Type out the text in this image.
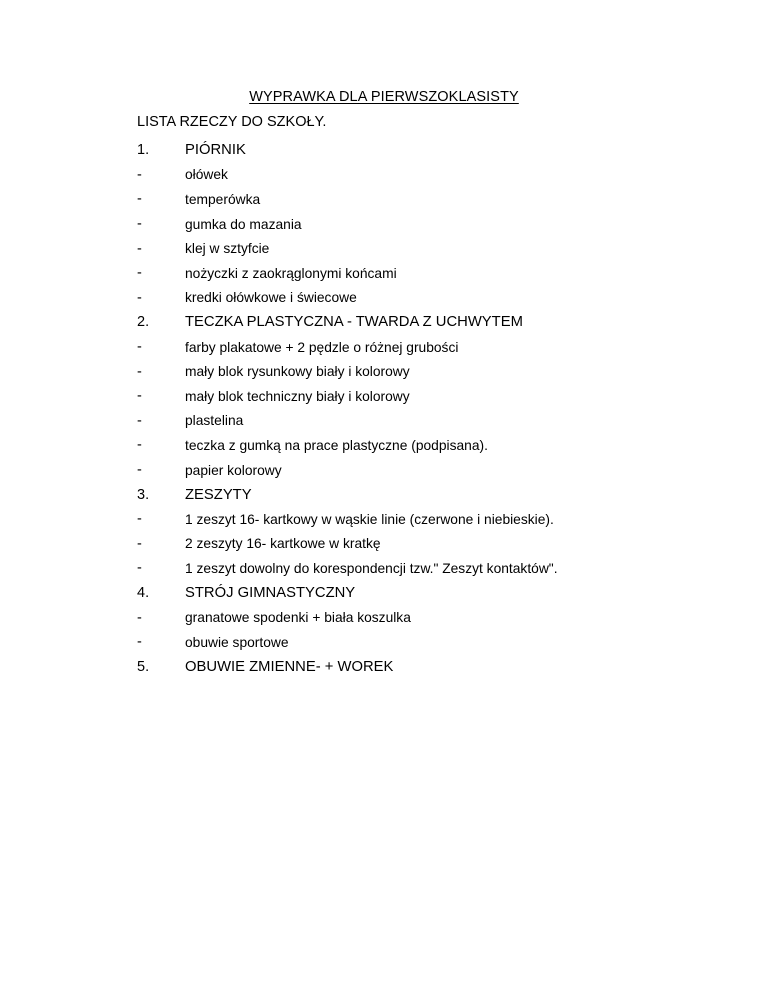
WYPRAWKA DLA PIERWSZOKLASISTY
LISTA RZECZY DO SZKOŁY.
1.	PIÓRNIK
-	ołówek
-	temperówka
-	gumka do mazania
-	klej w sztyfcie
-	nożyczki z zaokrąglonymi końcami
-	kredki ołówkowe i świecowe
2.	TECZKA PLASTYCZNA - TWARDA Z UCHWYTEM
-	farby plakatowe + 2 pędzle o różnej grubości
-	mały blok rysunkowy biały i kolorowy
-	mały blok techniczny biały i kolorowy
-	plastelina
-	teczka z gumką na prace plastyczne (podpisana).
-	papier kolorowy
3.	ZESZYTY
-	1 zeszyt 16- kartkowy w wąskie linie (czerwone i niebieskie).
-	2 zeszyty 16- kartkowe w kratkę
-	1 zeszyt dowolny do korespondencji tzw." Zeszyt kontaktów".
4.	STRÓJ GIMNASTYCZNY
-	granatowe spodenki + biała koszulka
-	obuwie sportowe
5.	OBUWIE ZMIENNE- + WOREK
